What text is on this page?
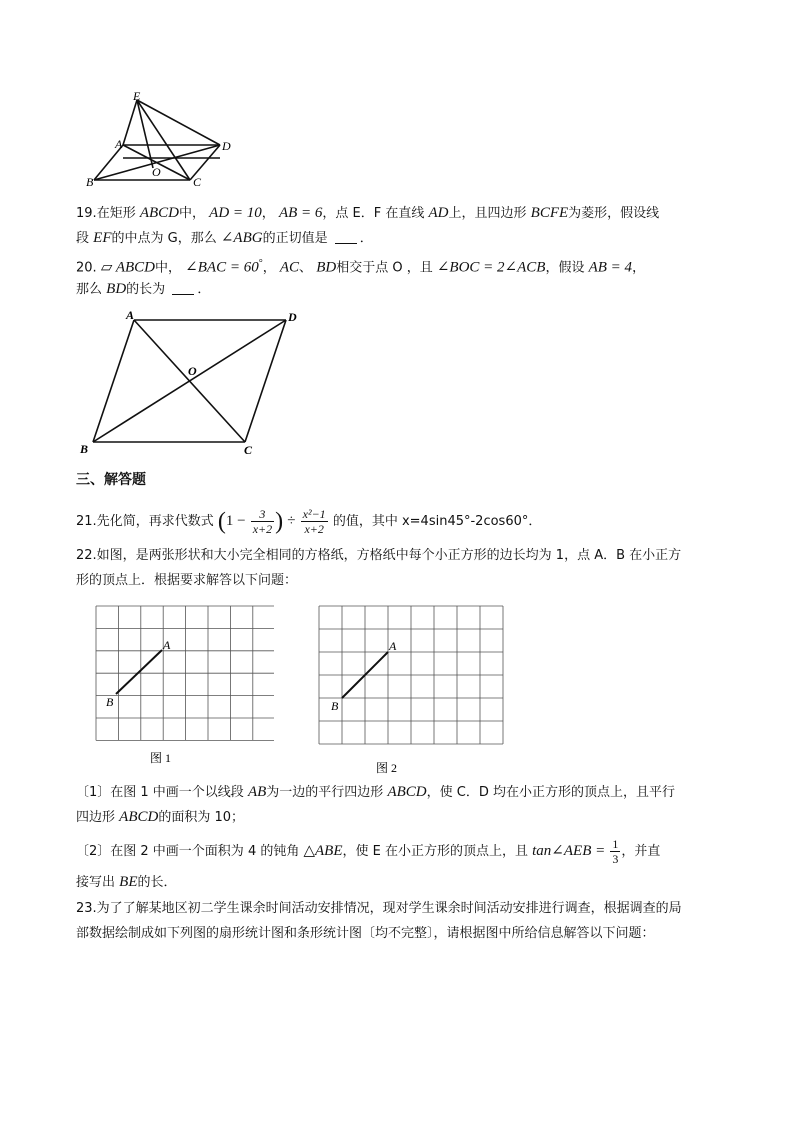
E
A	D
O
B	C
19.在矩形 ABCD中， AD = 10， AB = 6，点 E．F 在直线 AD上，且四边形 BCFE为菱形，假设线
段 EF的中点为 G，那么 ∠ABG的正切值是 ．
20. ▱ ABCD中， ∠BAC = 60°， AC、 BD相交于点 O ，且 ∠BOC = 2∠ACB，假设 AB = 4，
那么 BD的长为 ．
A	D
O
B	C
三、解答题
21.先化简，再求代数式 ($1 - \frac{3}{x+2}$ ) ÷ $\frac{\text{x²−1}}{x+2}$ 的值，其中 x=4sin45°-2cos60°．
22.如图，是两张形状和大小完全相同的方格纸，方格纸中每个小正方形的边长均为 1，点 A．B 在小正方
形的顶点上．根据要求解答以下问题：
A
B
图 1
A
B
图 2
〔1〕在图 1 中画一个以线段 AB为一边的平行四边形 ABCD，使 C．D 均在小正方形的顶点上，且平行
四边形 ABCD的面积为 10；
〔2〕在图 2 中画一个面积为 4 的钝角 △ABE，使 E 在小正方形的顶点上，且 tan∠AEB = $\frac{1}{3}$ ，并直
接写出 BE的长．
23.为了了解某地区初二学生课余时间活动安排情况，现对学生课余时间活动安排进行调查，根据调查的局
部数据绘制成如下列图的扇形统计图和条形统计图〔均不完整〕，请根据图中所给信息解答以下问题：
